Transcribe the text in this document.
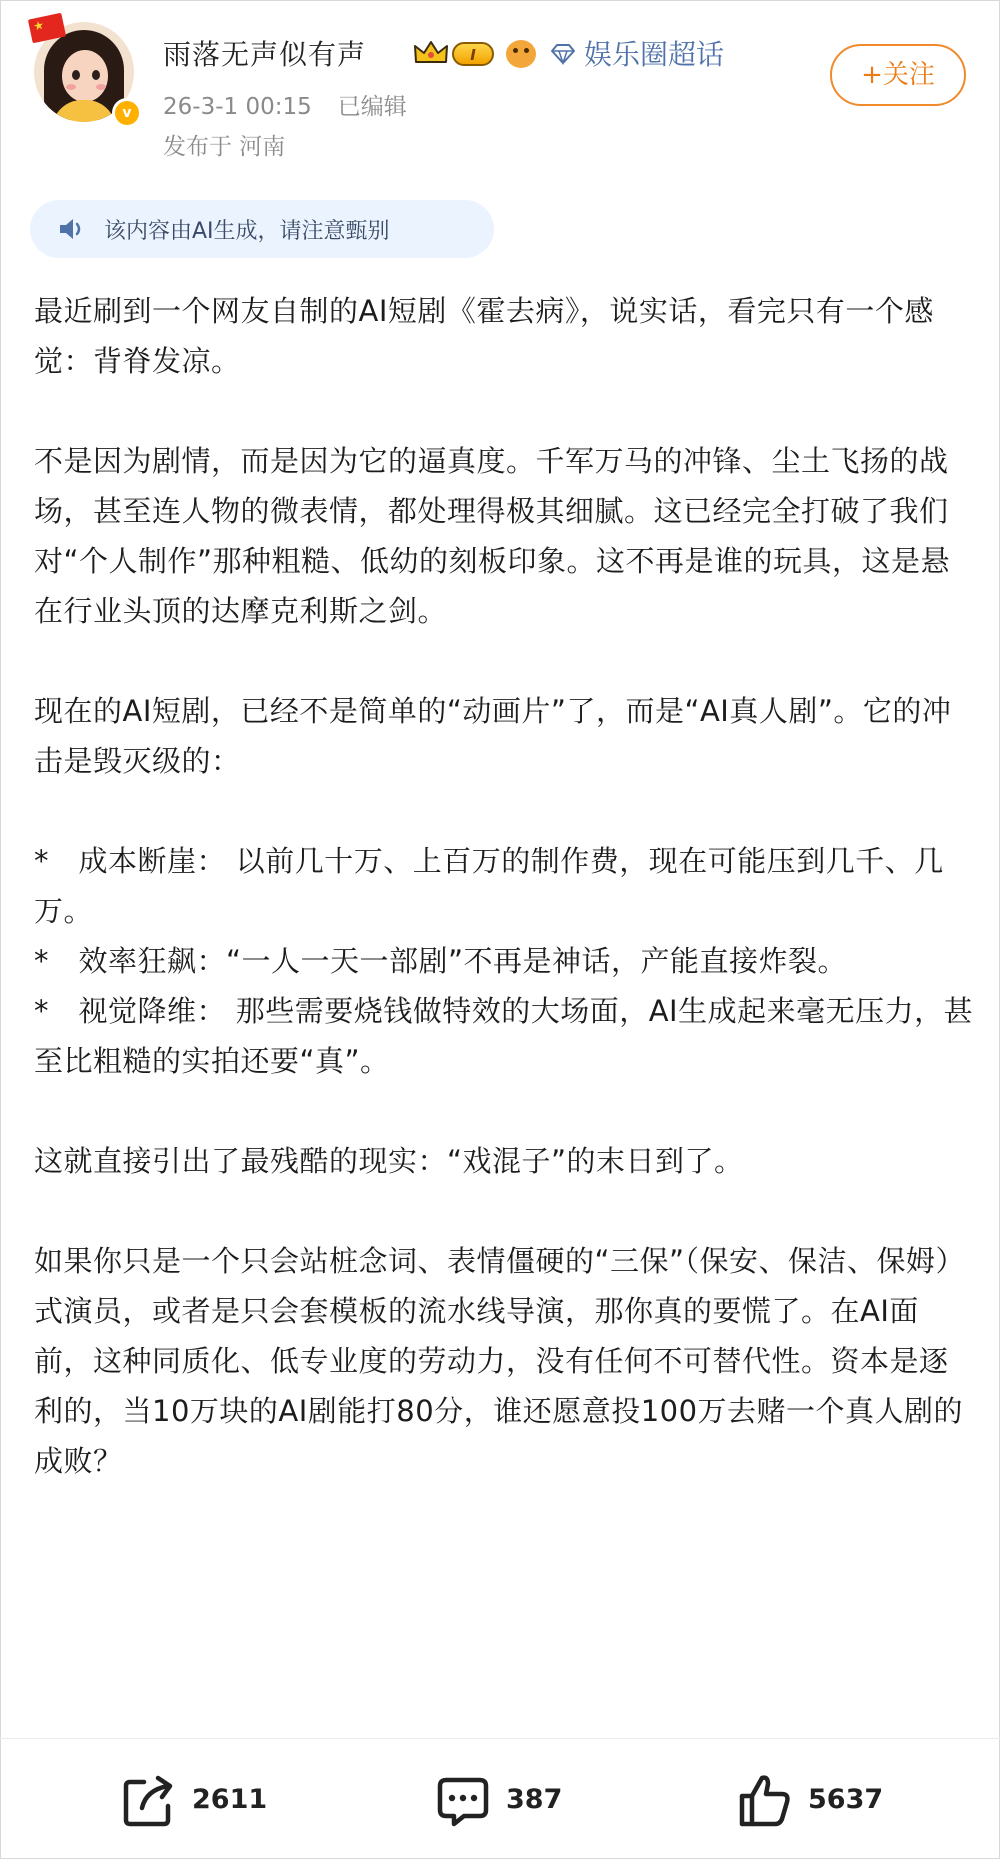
★
v
雨落无声似有声	I	娱乐圈超话
+关注
26-3-1 00:15 已编辑
发布于 河南
该内容由AI生成，请注意甄别

最近刷到一个网友自制的AI短剧《霍去病》，说实话，看完只有一个感觉：背脊发凉。

不是因为剧情，而是因为它的逼真度。千军万马的冲锋、尘土飞扬的战场，甚至连人物的微表情，都处理得极其细腻。这已经完全打破了我们对“个人制作”那种粗糙、低幼的刻板印象。这不再是谁的玩具，这是悬在行业头顶的达摩克利斯之剑。

现在的AI短剧，已经不是简单的“动画片”了，而是“AI真人剧”。它的冲击是毁灭级的：

*　成本断崖： 以前几十万、上百万的制作费，现在可能压到几千、几万。

*　效率狂飙：“一人一天一部剧”不再是神话，产能直接炸裂。

*　视觉降维： 那些需要烧钱做特效的大场面，AI生成起来毫无压力，甚至比粗糙的实拍还要“真”。

这就直接引出了最残酷的现实：“戏混子”的末日到了。

如果你只是一个只会站桩念词、表情僵硬的“三保”（保安、保洁、保姆）式演员，或者是只会套模板的流水线导演，那你真的要慌了。在AI面前，这种同质化、低专业度的劳动力，没有任何不可替代性。资本是逐利的，当10万块的AI剧能打80分，谁还愿意投100万去赌一个真人剧的成败？

2611	387	5637
